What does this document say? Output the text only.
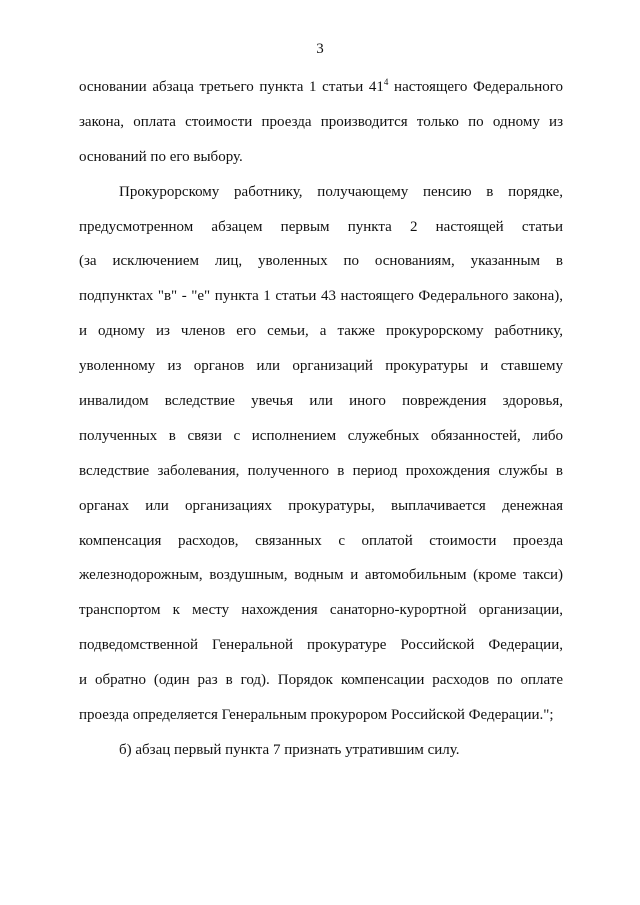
3
основании абзаца третьего пункта 1 статьи $41^4$ настоящего Федерального
закона, оплата стоимости проезда производится только по одному из
оснований по его выбору.
Прокурорскому работнику, получающему пенсию в порядке,
предусмотренном абзацем первым пункта 2 настоящей статьи
(за исключением лиц, уволенных по основаниям, указанным в
подпунктах "в" - "е" пункта 1 статьи 43 настоящего Федерального закона),
и одному из членов его семьи, а также прокурорскому работнику,
уволенному из органов или организаций прокуратуры и ставшему
инвалидом вследствие увечья или иного повреждения здоровья,
полученных в связи с исполнением служебных обязанностей, либо
вследствие заболевания, полученного в период прохождения службы в
органах или организациях прокуратуры, выплачивается денежная
компенсация расходов, связанных с оплатой стоимости проезда
железнодорожным, воздушным, водным и автомобильным (кроме такси)
транспортом к месту нахождения санаторно-курортной организации,
подведомственной Генеральной прокуратуре Российской Федерации,
и обратно (один раз в год). Порядок компенсации расходов по оплате
проезда определяется Генеральным прокурором Российской Федерации.";
б) абзац первый пункта 7 признать утратившим силу.
